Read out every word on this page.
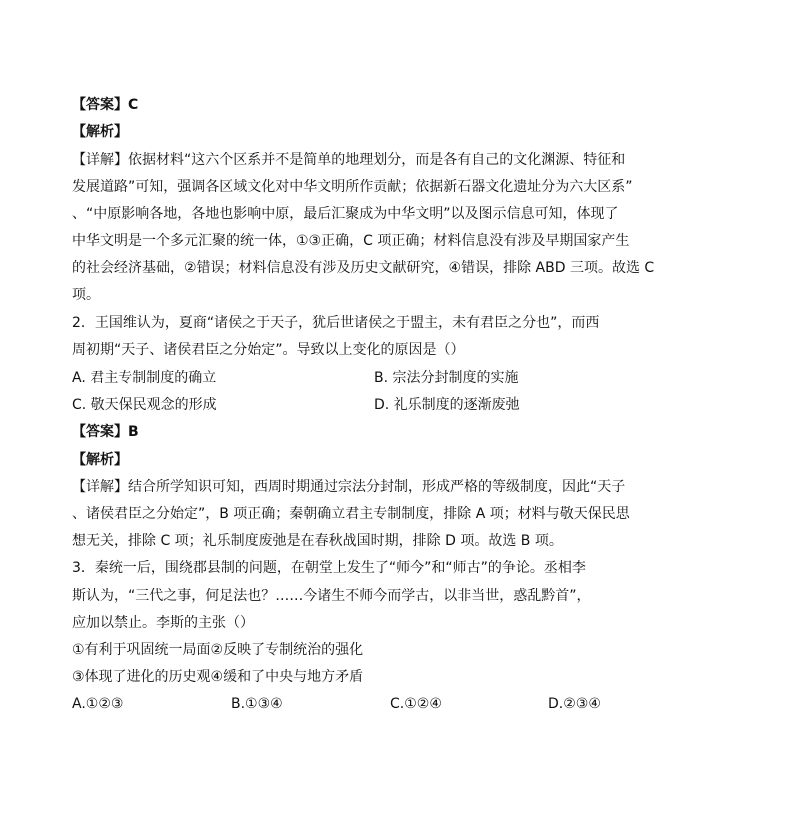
【答案】C
【解析】
【详解】依据材料“这六个区系并不是简单的地理划分，而是各有自己的文化渊源、特征和
发展道路”可知，强调各区域文化对中华文明所作贡献；依据新石器文化遗址分为六大区系”
、“中原影响各地，各地也影响中原，最后汇聚成为中华文明”以及图示信息可知，体现了
中华文明是一个多元汇聚的统一体，①③正确，C 项正确；材料信息没有涉及早期国家产生
的社会经济基础，②错误；材料信息没有涉及历史文献研究，④错误，排除 ABD 三项。故选 C
项。
2．王国维认为，夏商“诸侯之于天子，犹后世诸侯之于盟主，未有君臣之分也”，而西
周初期“天子、诸侯君臣之分始定”。导致以上变化的原因是（）
A. 君主专制制度的确立	B. 宗法分封制度的实施
C. 敬天保民观念的形成	D. 礼乐制度的逐渐废弛
【答案】B
【解析】
【详解】结合所学知识可知，西周时期通过宗法分封制，形成严格的等级制度，因此“天子
、诸侯君臣之分始定”，B 项正确；秦朝确立君主专制制度，排除 A 项；材料与敬天保民思
想无关，排除 C 项；礼乐制度废弛是在春秋战国时期，排除 D 项。故选 B 项。
3．秦统一后，围绕郡县制的问题，在朝堂上发生了“师今”和“师古”的争论。丞相李
斯认为，“三代之事，何足法也？……今诸生不师今而学古，以非当世，惑乱黔首”，
应加以禁止。李斯的主张（）
①有利于巩固统一局面②反映了专制统治的强化
③体现了进化的历史观④缓和了中央与地方矛盾
A.①②③	B.①③④	C.①②④	D.②③④
